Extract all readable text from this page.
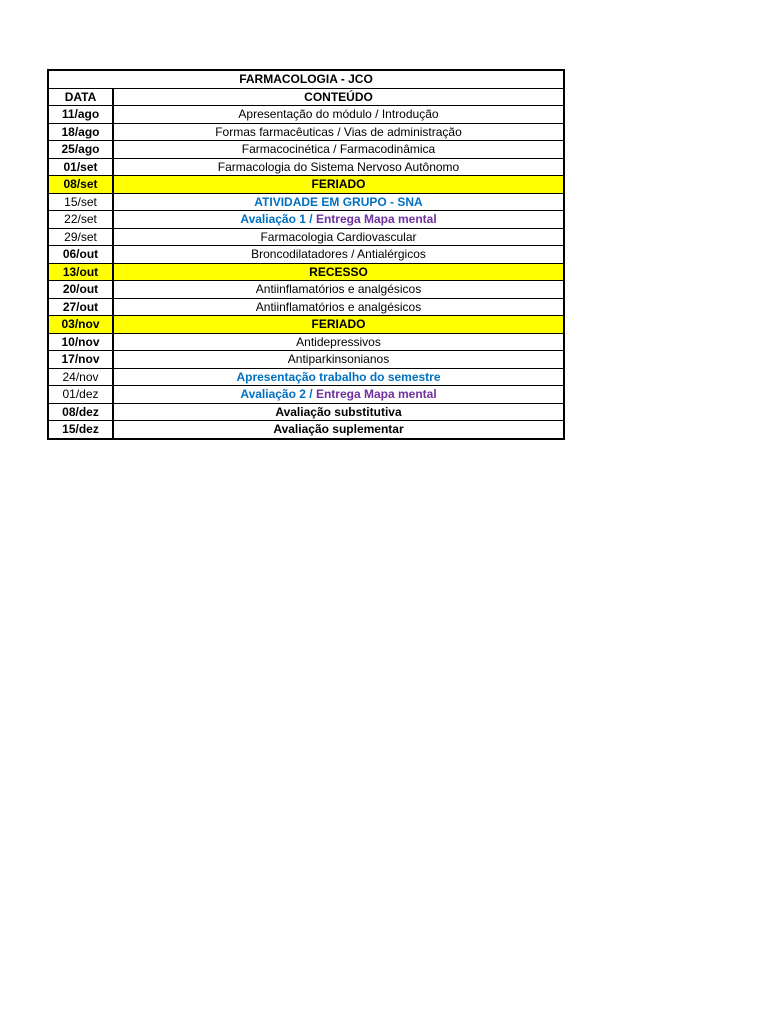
FARMACOLOGIA - JCO	
DATA	CONTEÚDO
11/ago	Apresentação do módulo / Introdução
18/ago	Formas farmacêuticas / Vias de administração
25/ago	Farmacocinética / Farmacodinâmica
01/set	Farmacologia do Sistema Nervoso Autônomo
08/set	FERIADO
15/set	ATIVIDADE EM GRUPO - SNA
22/set	Avaliação 1 / Entrega Mapa mental
29/set	Farmacologia Cardiovascular
06/out	Broncodilatadores / Antialérgicos
13/out	RECESSO
20/out	Antiinflamatórios e analgésicos
27/out	Antiinflamatórios e analgésicos
03/nov	FERIADO
10/nov	Antidepressivos
17/nov	Antiparkinsonianos
24/nov	Apresentação trabalho do semestre
01/dez	Avaliação 2 / Entrega Mapa mental
08/dez	Avaliação substitutiva
15/dez	Avaliação suplementar
